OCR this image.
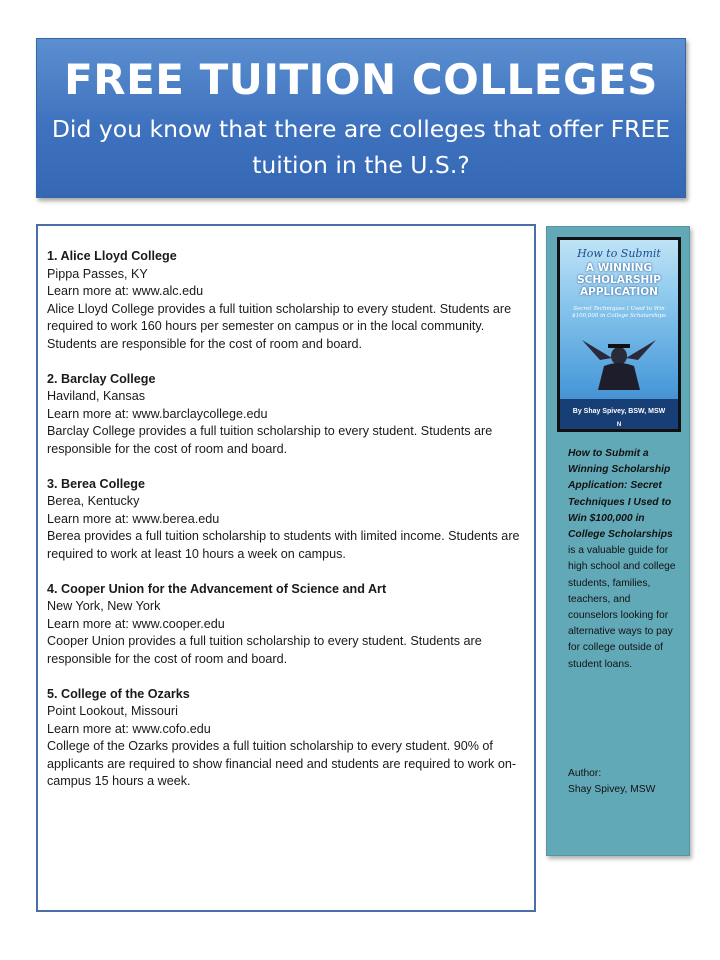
FREE TUITION COLLEGES
Did you know that there are colleges that offer FREE tuition in the U.S.?
1. Alice Lloyd College
Pippa Passes, KY
Learn more at: www.alc.edu
Alice Lloyd College provides a full tuition scholarship to every student. Students are required to work 160 hours per semester on campus or in the local community. Students are responsible for the cost of room and board.
2. Barclay College
Haviland, Kansas
Learn more at: www.barclaycollege.edu
Barclay College provides a full tuition scholarship to every student. Students are responsible for the cost of room and board.
3. Berea College
Berea, Kentucky
Learn more at: www.berea.edu
Berea provides a full tuition scholarship to students with limited income. Students are required to work at least 10 hours a week on campus.
4. Cooper Union for the Advancement of Science and Art
New York, New York
Learn more at: www.cooper.edu
Cooper Union provides a full tuition scholarship to every student. Students are responsible for the cost of room and board.
5. College of the Ozarks
Point Lookout, Missouri
Learn more at: www.cofo.edu
College of the Ozarks provides a full tuition scholarship to every student. 90% of applicants are required to show financial need and students are required to work on-campus 15 hours a week.
How to Submit
A WINNING
SCHOLARSHIP
APPLICATION
Secret Techniques I Used to Win $100,000 in College Scholarships
By Shay Spivey, BSW, MSW
N
How to Submit a Winning Scholarship Application: Secret Techniques I Used to Win $100,000 in College Scholarships is a valuable guide for high school and college students, families, teachers, and counselors looking for alternative ways to pay for college outside of student loans.
Author:
Shay Spivey, MSW
